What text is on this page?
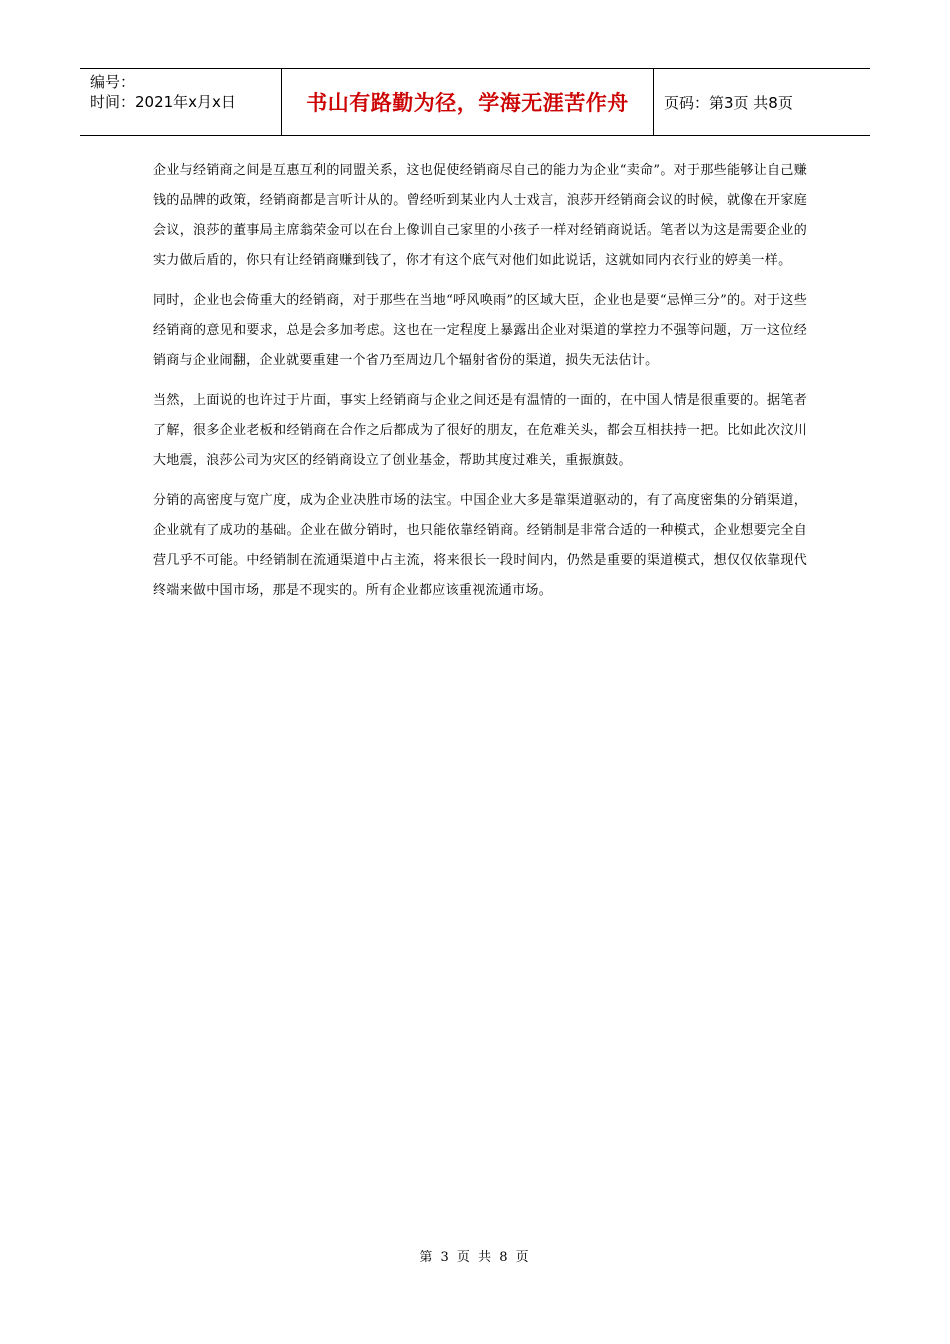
编号：
时间：2021年x月x日	书山有路勤为径，学海无涯苦作舟 页码：第3页 共8页

企业与经销商之间是互惠互利的同盟关系，这也促使经销商尽自己的能力为企业“卖命”。对于那些能够让自己赚钱的品牌的政策，经销商都是言听计从的。曾经听到某业内人士戏言，浪莎开经销商会议的时候，就像在开家庭会议，浪莎的董事局主席翁荣金可以在台上像训自己家里的小孩子一样对经销商说话。笔者以为这是需要企业的实力做后盾的，你只有让经销商赚到钱了，你才有这个底气对他们如此说话，这就如同内衣行业的婷美一样。

同时，企业也会倚重大的经销商，对于那些在当地“呼风唤雨”的区域大臣，企业也是要“忌惮三分”的。对于这些经销商的意见和要求，总是会多加考虑。这也在一定程度上暴露出企业对渠道的掌控力不强等问题，万一这位经销商与企业闹翻，企业就要重建一个省乃至周边几个辐射省份的渠道，损失无法估计。

当然，上面说的也许过于片面，事实上经销商与企业之间还是有温情的一面的，在中国人情是很重要的。据笔者了解，很多企业老板和经销商在合作之后都成为了很好的朋友，在危难关头，都会互相扶持一把。比如此次汶川大地震，浪莎公司为灾区的经销商设立了创业基金，帮助其度过难关，重振旗鼓。

分销的高密度与宽广度，成为企业决胜市场的法宝。中国企业大多是靠渠道驱动的，有了高度密集的分销渠道，企业就有了成功的基础。企业在做分销时，也只能依靠经销商。经销制是非常合适的一种模式，企业想要完全自营几乎不可能。中经销制在流通渠道中占主流，将来很长一段时间内，仍然是重要的渠道模式，想仅仅依靠现代终端来做中国市场，那是不现实的。所有企业都应该重视流通市场。

第 3 页 共 8 页
